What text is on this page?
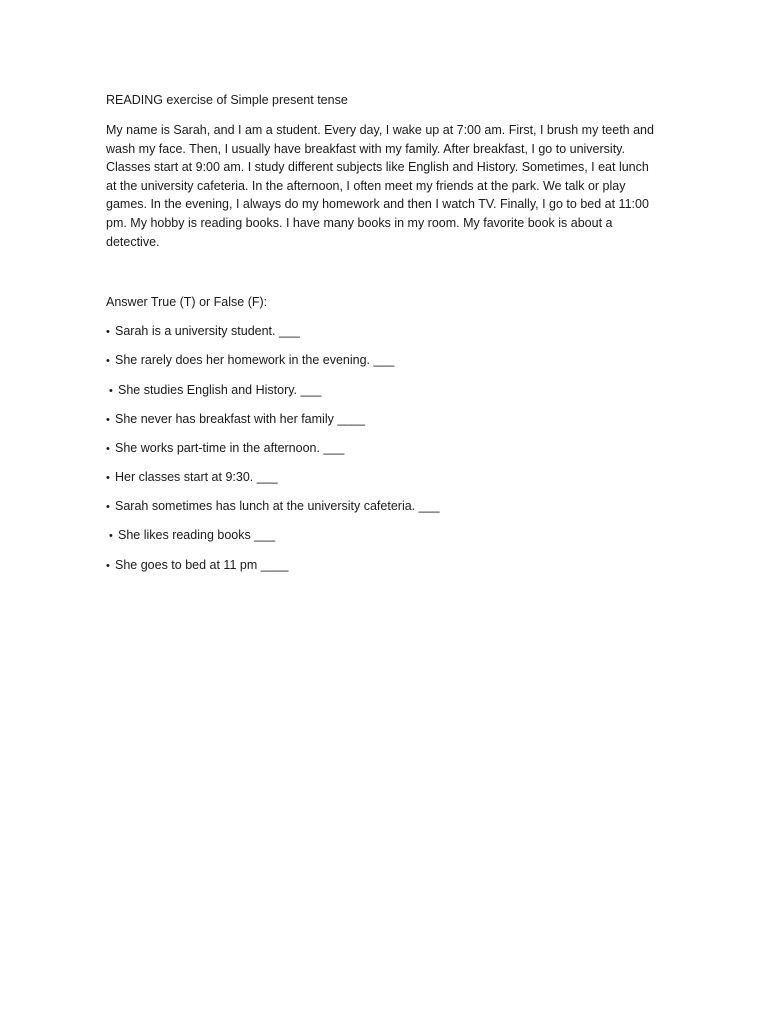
READING exercise of Simple present tense

My name is Sarah, and I am a student. Every day, I wake up at 7:00 am. First, I brush my teeth and wash my face. Then, I usually have breakfast with my family. After breakfast, I go to university. Classes start at 9:00 am. I study different subjects like English and History. Sometimes, I eat lunch at the university cafeteria. In the afternoon, I often meet my friends at the park. We talk or play games. In the evening, I always do my homework and then I watch TV. Finally, I go to bed at 11:00 pm. My hobby is reading books. I have many books in my room. My favorite book is about a detective.

Answer True (T) or False (F):

• Sarah is a university student. ___
• She rarely does her homework in the evening. ___
• She studies English and History. ___
• She never has breakfast with her family ____
• She works part-time in the afternoon. ___
• Her classes start at 9:30. ___
• Sarah sometimes has lunch at the university cafeteria. ___
• She likes reading books ___
• She goes to bed at 11 pm ____
